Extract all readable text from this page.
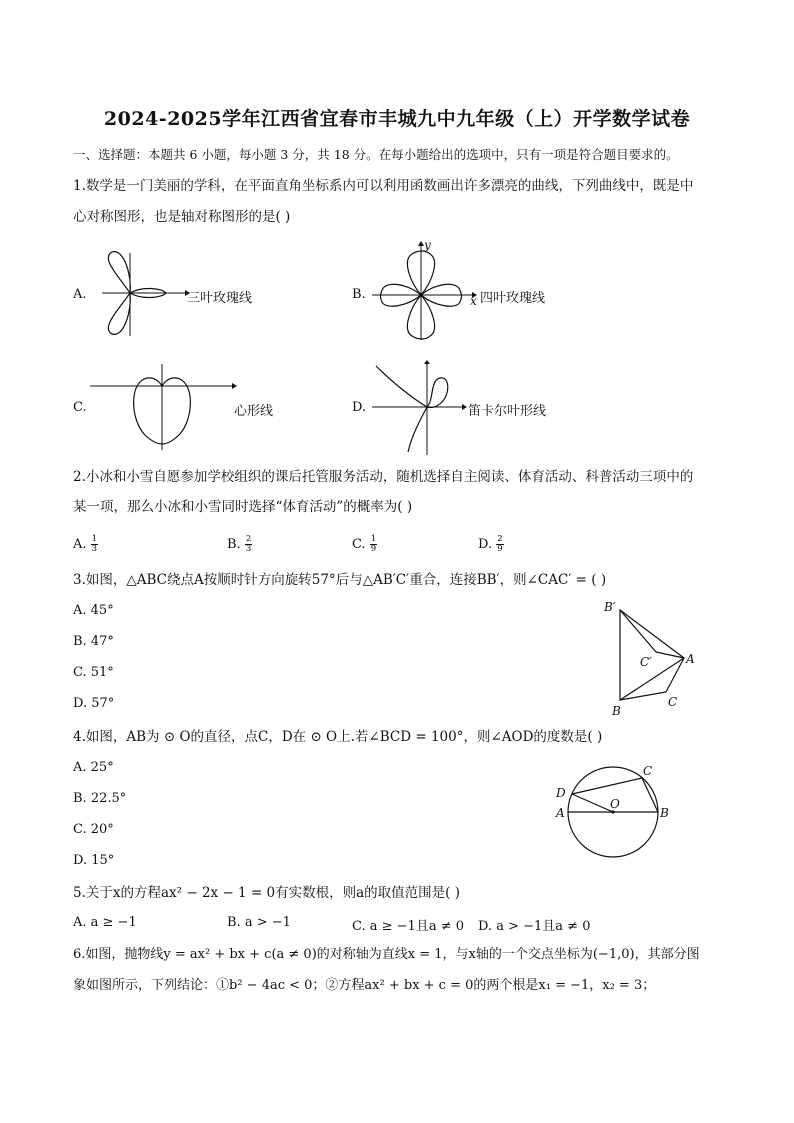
2024-2025学年江西省宜春市丰城九中九年级（上）开学数学试卷
一、选择题：本题共 6 小题，每小题 3 分，共 18 分。在每小题给出的选项中，只有一项是符合题目要求的。
1.数学是一门美丽的学科，在平面直角坐标系内可以利用函数画出许多漂亮的曲线，下列曲线中，既是中
心对称图形，也是轴对称图形的是( )
A.	三叶玫瑰线	B.
y
x 四叶玫瑰线
C.	心形线	D.	笛卡尔叶形线
2.小冰和小雪自愿参加学校组织的课后托管服务活动，随机选择自主阅读、体育活动、科普活动三项中的
某一项，那么小冰和小雪同时选择“体育活动”的概率为( )
A. $\frac{1}{3}$	B. $\frac{2}{3}$	C. $\frac{1}{9}$	D. $\frac{2}{9}$
3.如图，△ABC绕点A按顺时针方向旋转57°后与△AB′C′重合，连接BB′，则∠CAC′ = ( )
A. 45°
B. 47°
C. 51°
D. 57°
B′
C′	A
B
C
4.如图，AB为 ⊙ O的直径，点C，D在 ⊙ O上.若∠BCD = 100°，则∠AOD的度数是( )
A. 25°
B. 22.5°
C. 20°
D. 15°
D
C
O
A	B
5.关于x的方程ax² − 2x − 1 = 0有实数根，则a的取值范围是( )
A. a ≥ −1	B. a > −1	C. a ≥ −1且a ≠ 0 D. a > −1且a ≠ 0
6.如图，抛物线y = ax² + bx + c(a ≠ 0)的对称轴为直线x = 1，与x轴的一个交点坐标为(−1,0)，其部分图
象如图所示，下列结论：①b² − 4ac < 0；②方程ax² + bx + c = 0的两个根是x₁ = −1，x₂ = 3；
